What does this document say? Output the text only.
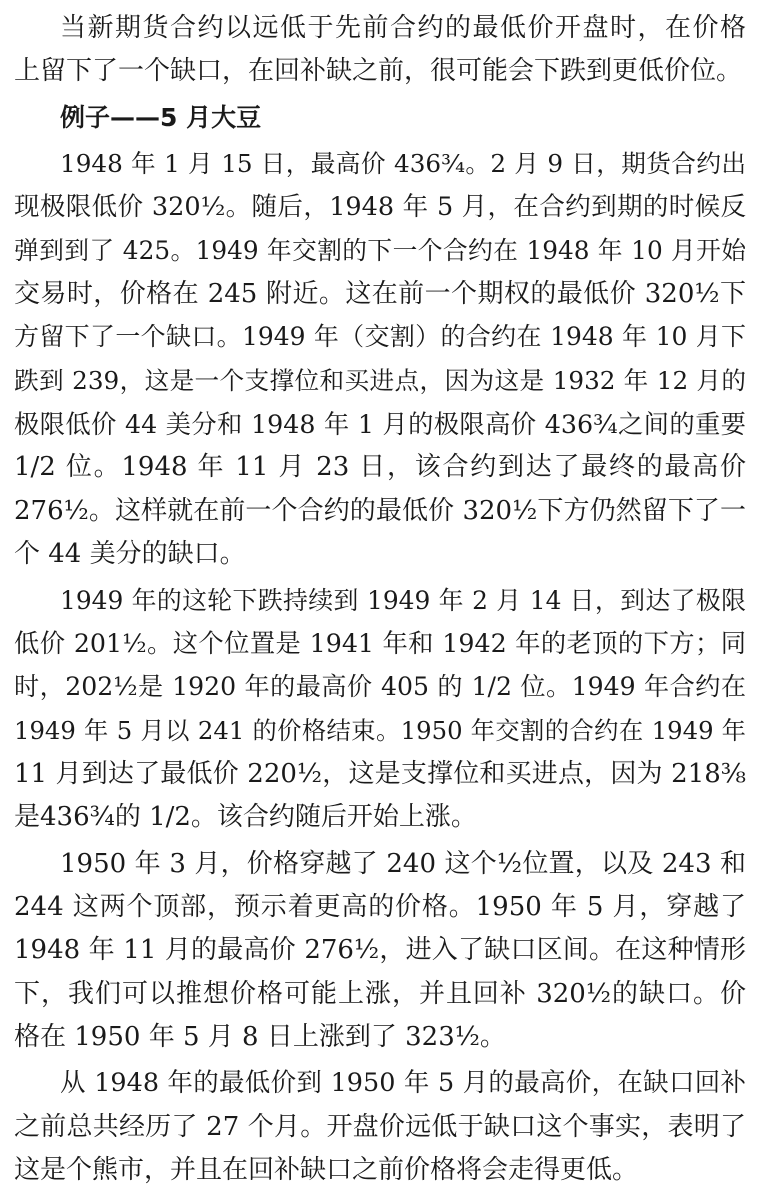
当新期货合约以远低于先前合约的最低价开盘时，在价格
上留下了一个缺口，在回补缺之前，很可能会下跌到更低价位。
例子——5 月大豆
1948 年 1 月 15 日，最高价 436¾。2 月 9 日，期货合约出
现极限低价 320½。随后，1948 年 5 月，在合约到期的时候反
弹到到了 425。1949 年交割的下一个合约在 1948 年 10 月开始
交易时，价格在 245 附近。这在前一个期权的最低价 320½下
方留下了一个缺口。1949 年（交割）的合约在 1948 年 10 月下
跌到 239，这是一个支撑位和买进点，因为这是 1932 年 12 月的
极限低价 44 美分和 1948 年 1 月的极限高价 436¾之间的重要
1/2 位。1948 年 11 月 23 日，该合约到达了最终的最高价
276½。这样就在前一个合约的最低价 320½下方仍然留下了一
个 44 美分的缺口。
1949 年的这轮下跌持续到 1949 年 2 月 14 日，到达了极限
低价 201½。这个位置是 1941 年和 1942 年的老顶的下方；同
时，202½是 1920 年的最高价 405 的 1/2 位。1949 年合约在
1949 年 5 月以 241 的价格结束。1950 年交割的合约在 1949 年
11 月到达了最低价 220½，这是支撑位和买进点，因为 218⅜
是436¾的 1/2。该合约随后开始上涨。
1950 年 3 月，价格穿越了 240 这个½位置，以及 243 和
244 这两个顶部，预示着更高的价格。1950 年 5 月，穿越了
1948 年 11 月的最高价 276½，进入了缺口区间。在这种情形
下，我们可以推想价格可能上涨，并且回补 320½的缺口。价
格在 1950 年 5 月 8 日上涨到了 323½。
从 1948 年的最低价到 1950 年 5 月的最高价，在缺口回补
之前总共经历了 27 个月。开盘价远低于缺口这个事实，表明了
这是个熊市，并且在回补缺口之前价格将会走得更低。
